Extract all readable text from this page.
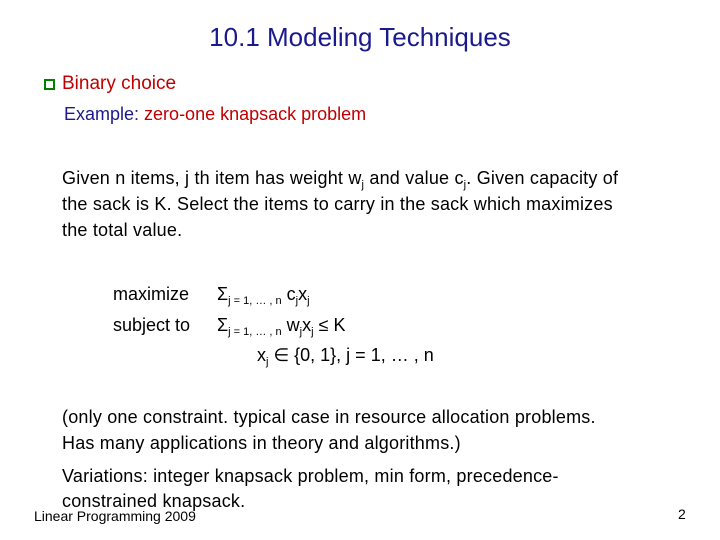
10.1 Modeling Techniques
Binary choice
Example: zero-one knapsack problem
Given n items, j th item has weight $w_j$ and value $c_j$. Given capacity of
the sack is K. Select the items to carry in the sack which maximizes
the total value.
maximize $\Sigma_{j = 1, \dots , n}$ $c_jx_j$
subject to $\Sigma_{j = 1, \dots , n}$ $w_jx_j \le K$
$x_j$ ∈ {0, 1}, j = 1, … , n
(only one constraint. typical case in resource allocation problems.
Has many applications in theory and algorithms.)
Variations: integer knapsack problem, min form, precedence-
constrained knapsack.
Linear Programming 2009	2
